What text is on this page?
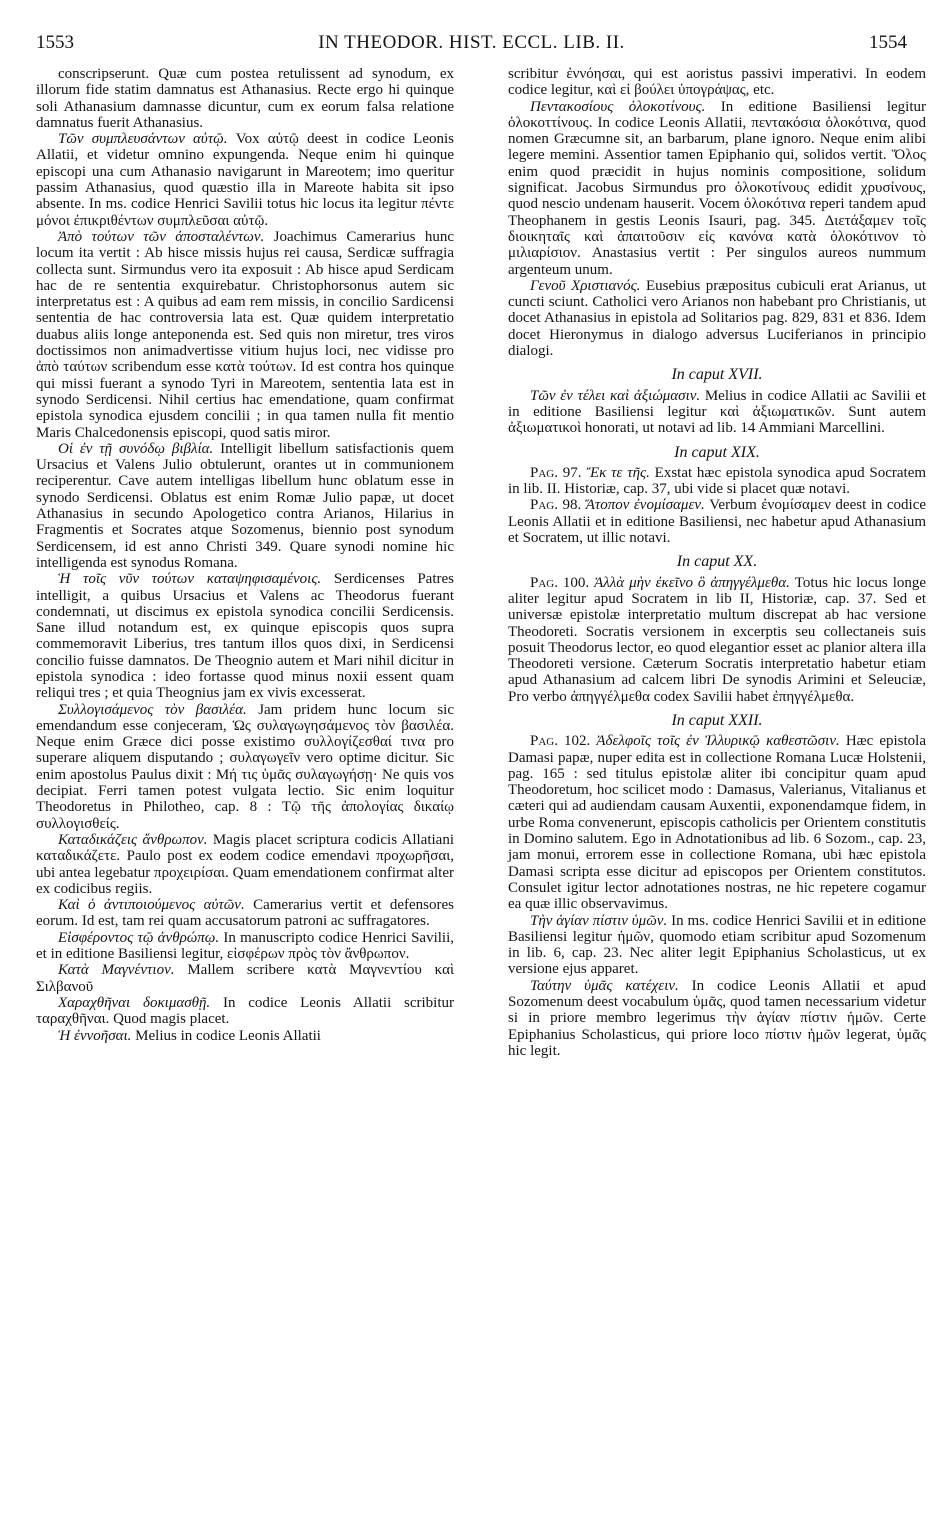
1553	IN THEODOR. HIST. ECCL. LIB. II.	1554

conscripserunt. Quæ cum postea retulissent ad synodum, ex illorum fide statim damnatus est Athanasius. Recte ergo hi quinque soli Athanasium damnasse dicuntur, cum ex eorum falsa relatione damnatus fuerit Athanasius.

Τῶν συμπλευσάντων αὐτῷ. Vox αὐτῷ deest in codice Leonis Allatii, et videtur omnino expungenda. Neque enim hi quinque episcopi una cum Athanasio navigarunt in Mareotem; imo queritur passim Athanasius, quod quæstio illa in Mareote habita sit ipso absente. In ms. codice Henrici Savilii totus hic locus ita legitur πέντε μόνοι ἐπικριθέντων συμπλεῦσαι αὐτῷ.

Ἀπὸ τούτων τῶν ἀποσταλέντων. Joachimus Camerarius hunc locum ita vertit : Ab hisce missis hujus rei causa, Serdicæ suffragia collecta sunt. Sirmundus vero ita exposuit : Ab hisce apud Serdicam hac de re sententia exquirebatur. Christophorsonus autem sic interpretatus est : A quibus ad eam rem missis, in concilio Sardicensi sententia de hac controversia lata est. Quæ quidem interpretatio duabus aliis longe anteponenda est. Sed quis non miretur, tres viros doctissimos non animadvertisse vitium hujus loci, nec vidisse pro ἀπὸ ταύτων scribendum esse κατὰ τούτων. Id est contra hos quinque qui missi fuerant a synodo Tyri in Mareotem, sententia lata est in synodo Serdicensi. Nihil certius hac emendatione, quam confirmat epistola synodica ejusdem concilii ; in qua tamen nulla fit mentio Maris Chalcedonensis episcopi, quod satis miror.

Οἱ ἐν τῇ συνόδῳ βιβλία. Intelligit libellum satisfactionis quem Ursacius et Valens Julio obtulerunt, orantes ut in communionem reciperentur. Cave autem intelligas libellum hunc oblatum esse in synodo Serdicensi. Oblatus est enim Romæ Julio papæ, ut docet Athanasius in secundo Apologetico contra Arianos, Hilarius in Fragmentis et Socrates atque Sozomenus, biennio post synodum Serdicensem, id est anno Christi 349. Quare synodi nomine hic intelligenda est synodus Romana.

Ἡ τοῖς νῦν τούτων καταψηφισαμένοις. Serdicenses Patres intelligit, a quibus Ursacius et Valens ac Theodorus fuerant condemnati, ut discimus ex epistola synodica concilii Serdicensis. Sane illud notandum est, ex quinque episcopis quos supra commemoravit Liberius, tres tantum illos quos dixi, in Serdicensi concilio fuisse damnatos. De Theognio autem et Mari nihil dicitur in epistola synodica : ideo fortasse quod minus noxii essent quam reliqui tres ; et quia Theognius jam ex vivis excesserat.

Συλλογισάμενος τὸν βασιλέα. Jam pridem hunc locum sic emendandum esse conjeceram, Ὡς συλαγωγησάμενος τὸν βασιλέα. Neque enim Græce dici posse existimo συλλογίζεσθαί τινα pro superare aliquem disputando ; συλαγωγεῖν vero optime dicitur. Sic enim apostolus Paulus dixit : Μή τις ὑμᾶς συλαγωγήσῃ· Ne quis vos decipiat. Ferri tamen potest vulgata lectio. Sic enim loquitur Theodoretus in Philotheo, cap. 8 : Τῷ τῆς ἀπολογίας δικαίῳ συλλογισθείς.

Καταδικάζεις ἄνθρωπον. Magis placet scriptura codicis Allatiani καταδικάζετε. Paulo post ex eodem codice emendavi προχωρῆσαι, ubi antea legebatur προχειρίσαι. Quam emendationem confirmat alter ex codicibus regiis.

Καὶ ὁ ἀντιποιούμενος αὐτῶν. Camerarius vertit et defensores eorum. Id est, tam rei quam accusatorum patroni ac suffragatores.

Εἰσφέροντος τῷ ἀνθρώπῳ. In manuscripto codice Henrici Savilii, et in editione Basiliensi legitur, εἰσφέρων πρὸς τὸν ἄνθρωπον.

Κατὰ Μαγνέντιον. Mallem scribere κατὰ Μαγνεντίου καὶ Σιλβανοῦ

Χαραχθῆναι δοκιμασθῇ. In codice Leonis Allatii scribitur ταραχθῆναι. Quod magis placet.

Ἡ ἐννοῆσαι. Melius in codice Leonis Allatii

scribitur ἐννόησαι, qui est aoristus passivi imperativi. In eodem codice legitur, καὶ εἰ βούλει ὑπογράψας, etc.

Πεντακοσίους ὁλοκοτίνους. In editione Basiliensi legitur ὁλοκοττίνους. In codice Leonis Allatii, πεντακόσια ὁλοκότινα, quod nomen Græcumne sit, an barbarum, plane ignoro. Neque enim alibi legere memini. Assentior tamen Epiphanio qui, solidos vertit. Ὅλος enim quod præcidit in hujus nominis compositione, solidum significat. Jacobus Sirmundus pro ὁλοκοτίνους edidit χρυσίνους, quod nescio undenam hauserit. Vocem ὁλοκότινα reperi tandem apud Theophanem in gestis Leonis Isauri, pag. 345. Διετάξαμεν τοῖς διοικηταῖς καὶ ἀπαιτοῦσιν εἰς κανόνα κατὰ ὁλοκότινον τὸ μιλιαρίσιον. Anastasius vertit : Per singulos aureos nummum argenteum unum.

Γενοῦ Χριστιανός. Eusebius præpositus cubiculi erat Arianus, ut cuncti sciunt. Catholici vero Arianos non habebant pro Christianis, ut docet Athanasius in epistola ad Solitarios pag. 829, 831 et 836. Idem docet Hieronymus in dialogo adversus Luciferianos in principio dialogi.

In caput XVII.

Τῶν ἐν τέλει καὶ ἀξιώμασιν. Melius in codice Allatii ac Savilii et in editione Basiliensi legitur καὶ ἀξιωματικῶν. Sunt autem ἀξιωματικοὶ honorati, ut notavi ad lib. 14 Ammiani Marcellini.

In caput XIX.

Pag. 97. Ἔκ τε τῆς. Exstat hæc epistola synodica apud Socratem in lib. II. Historiæ, cap. 37, ubi vide si placet quæ notavi.

Pag. 98. Ἄτοπον ἐνομίσαμεν. Verbum ἐνομίσαμεν deest in codice Leonis Allatii et in editione Basiliensi, nec habetur apud Athanasium et Socratem, ut illic notavi.

In caput XX.

Pag. 100. Ἀλλὰ μὴν ἐκεῖνο ὃ ἀπηγγέλμεθα. Totus hic locus longe aliter legitur apud Socratem in lib II, Historiæ, cap. 37. Sed et universæ epistolæ interpretatio multum discrepat ab hac versione Theodoreti. Socratis versionem in excerptis seu collectaneis suis posuit Theodorus lector, eo quod elegantior esset ac planior altera illa Theodoreti versione. Cæterum Socratis interpretatio habetur etiam apud Athanasium ad calcem libri De synodis Arimini et Seleuciæ, Pro verbo ἀπηγγέλμεθα codex Savilii habet ἐπηγγέλμεθα.

In caput XXII.

Pag. 102. Ἀδελφοῖς τοῖς ἐν Ἰλλυρικῷ καθεστῶσιν. Hæc epistola Damasi papæ, nuper edita est in collectione Romana Lucæ Holstenii, pag. 165 : sed titulus epistolæ aliter ibi concipitur quam apud Theodoretum, hoc scilicet modo : Damasus, Valerianus, Vitalianus et cæteri qui ad audiendam causam Auxentii, exponendamque fidem, in urbe Roma convenerunt, episcopis catholicis per Orientem constitutis in Domino salutem. Ego in Adnotationibus ad lib. 6 Sozom., cap. 23, jam monui, errorem esse in collectione Romana, ubi hæc epistola Damasi scripta esse dicitur ad episcopos per Orientem constitutos. Consulet igitur lector adnotationes nostras, ne hic repetere cogamur ea quæ illic observavimus.

Τὴν ἁγίαν πίστιν ὑμῶν. In ms. codice Henrici Savilii et in editione Basiliensi legitur ἡμῶν, quomodo etiam scribitur apud Sozomenum in lib. 6, cap. 23. Nec aliter legit Epiphanius Scholasticus, ut ex versione ejus apparet.

Ταύτην ὑμᾶς κατέχειν. In codice Leonis Allatii et apud Sozomenum deest vocabulum ὑμᾶς, quod tamen necessarium videtur si in priore membro legerimus τὴν ἁγίαν πίστιν ἡμῶν. Certe Epiphanius Scholasticus, qui priore loco πίστιν ἡμῶν legerat, ὑμᾶς hic legit.
